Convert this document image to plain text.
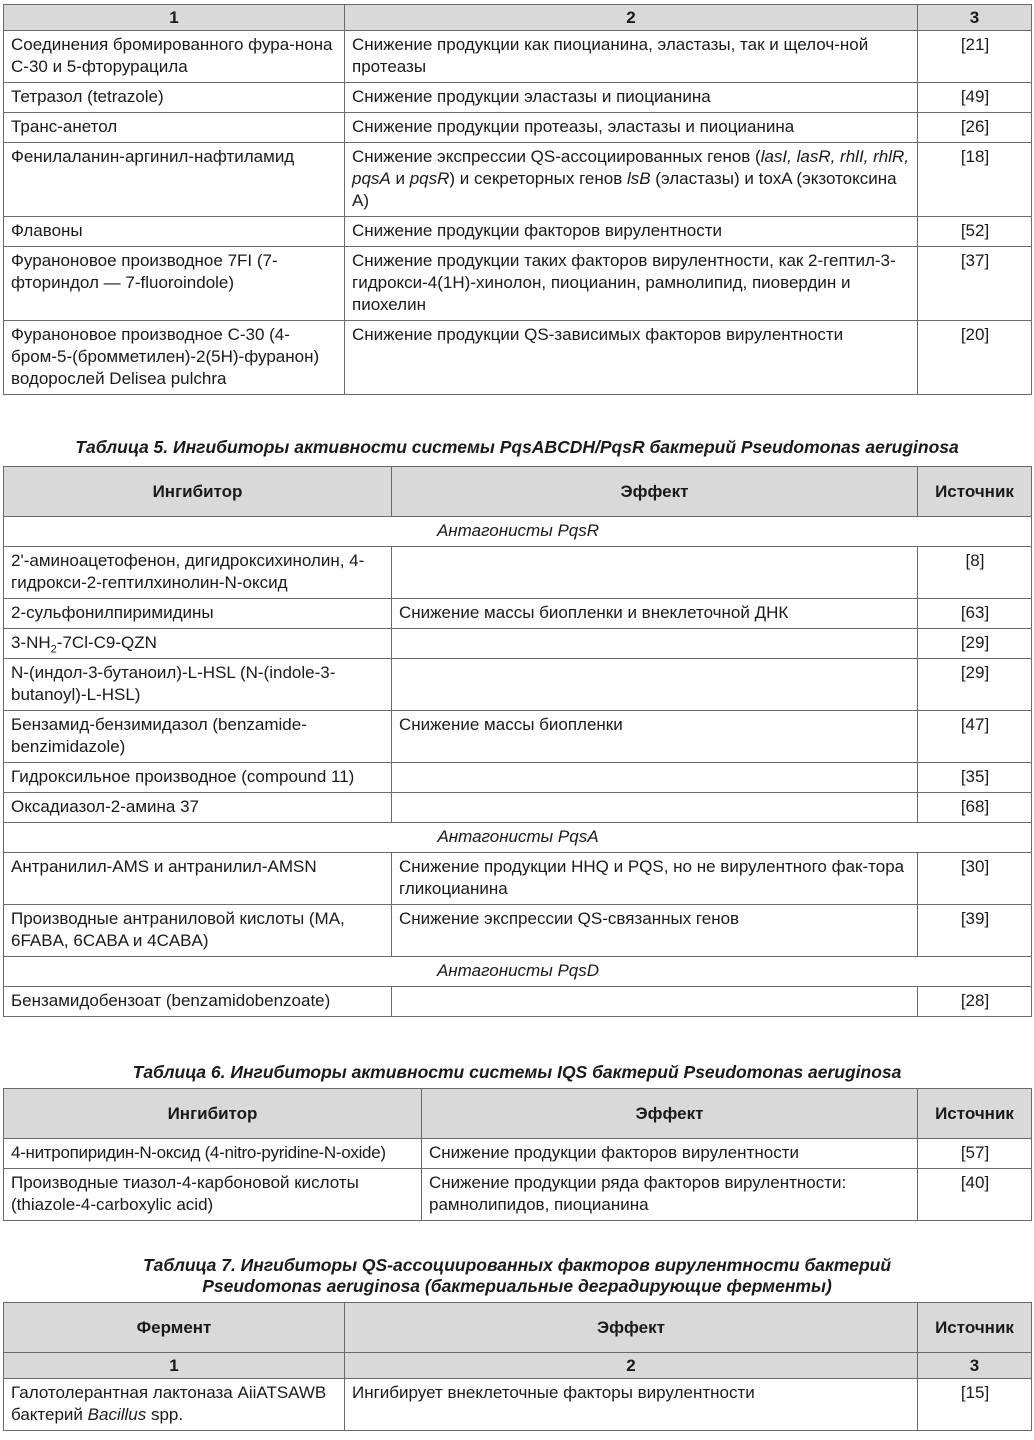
1	2	3
Соединения бромированного фура-нона С-30 и 5-фторурацила	Снижение продукции как пиоцианина, эластазы, так и щелоч-ной протеазы	[21]
Тетразол (tetrazole)	Снижение продукции эластазы и пиоцианина	[49]
Транс-анетол	Снижение продукции протеазы, эластазы и пиоцианина	[26]
Фенилаланин-аргинил-нафтиламид	Снижение экспрессии QS-ассоциированных генов (lasI, lasR, rhlI, rhlR, pqsA и pqsR) и секреторных генов lsB (эластазы) и toxA (экзотоксина A)	[18]
Флавоны	Снижение продукции факторов вирулентности	[52]
Фураноновое производное 7FI (7-фториндол — 7-fluoroindole)	Снижение продукции таких факторов вирулентности, как 2-гептил-3-гидрокси-4(1H)-хинолон, пиоцианин, рамнолипид, пиовердин и пиохелин	[37]
Фураноновое производное С-30 (4-бром-5-(бромметилен)-2(5H)-фуранон) водорослей Delisea pulchra	Снижение продукции QS-зависимых факторов вирулентности	[20]
Таблица 5. Ингибиторы активности системы PqsABCDH/PqsR бактерий Pseudomonas aeruginosa
Ингибитор	Эффект	Источник
Антагонисты PqsR		
2'-аминоацетофенон, дигидроксихинолин, 4-гидрокси-2-гептилхинолин-N-оксид		[8]
2-сульфонилпиримидины	Снижение массы биопленки и внеклеточной ДНК	[63]
$3-NH_2-7Cl-C9$-QZN		[29]
N-(индол-3-бутаноил)-L-HSL (N-(indole-3-butanoyl)-L-HSL)		[29]
Бензамид-бензимидазол (benzamide-benzimidazole)	Снижение массы биопленки	[47]
Гидроксильное производное (compound 11)		[35]
Оксадиазол-2-амина 37		[68]
Антагонисты PqsA		
Антранилил-AMS и антранилил-AMSN	Снижение продукции HHQ и PQS, но не вирулентного фак-тора гликоцианина	[30]
Производные антраниловой кислоты (MA, 6FABA, 6CABA и 4CABA)	Снижение экспрессии QS-связанных генов	[39]
Антагонисты PqsD		
Бензамидобензоат (benzamidobenzoate)		[28]
Таблица 6. Ингибиторы активности системы IQS бактерий Pseudomonas aeruginosa
Ингибитор	Эффект	Источник
4-нитропиридин-N-оксид (4-nitro-pyridine-N-oxide)	Снижение продукции факторов вирулентности	[57]
Производные тиазол-4-карбоновой кислоты (thiazole-4-carboxylic acid)	Снижение продукции ряда факторов вирулентности: рамнолипидов, пиоцианина	[40]
Таблица 7. Ингибиторы QS-ассоциированных факторов вирулентности бактерий
Pseudomonas aeruginosa (бактериальные деградирующие ферменты)
Фермент	Эффект	Источник
1	2	3
Галотолерантная лактоназа AiiATSAWB бактерий Bacillus spp.	Ингибирует внеклеточные факторы вирулентности	[15]
